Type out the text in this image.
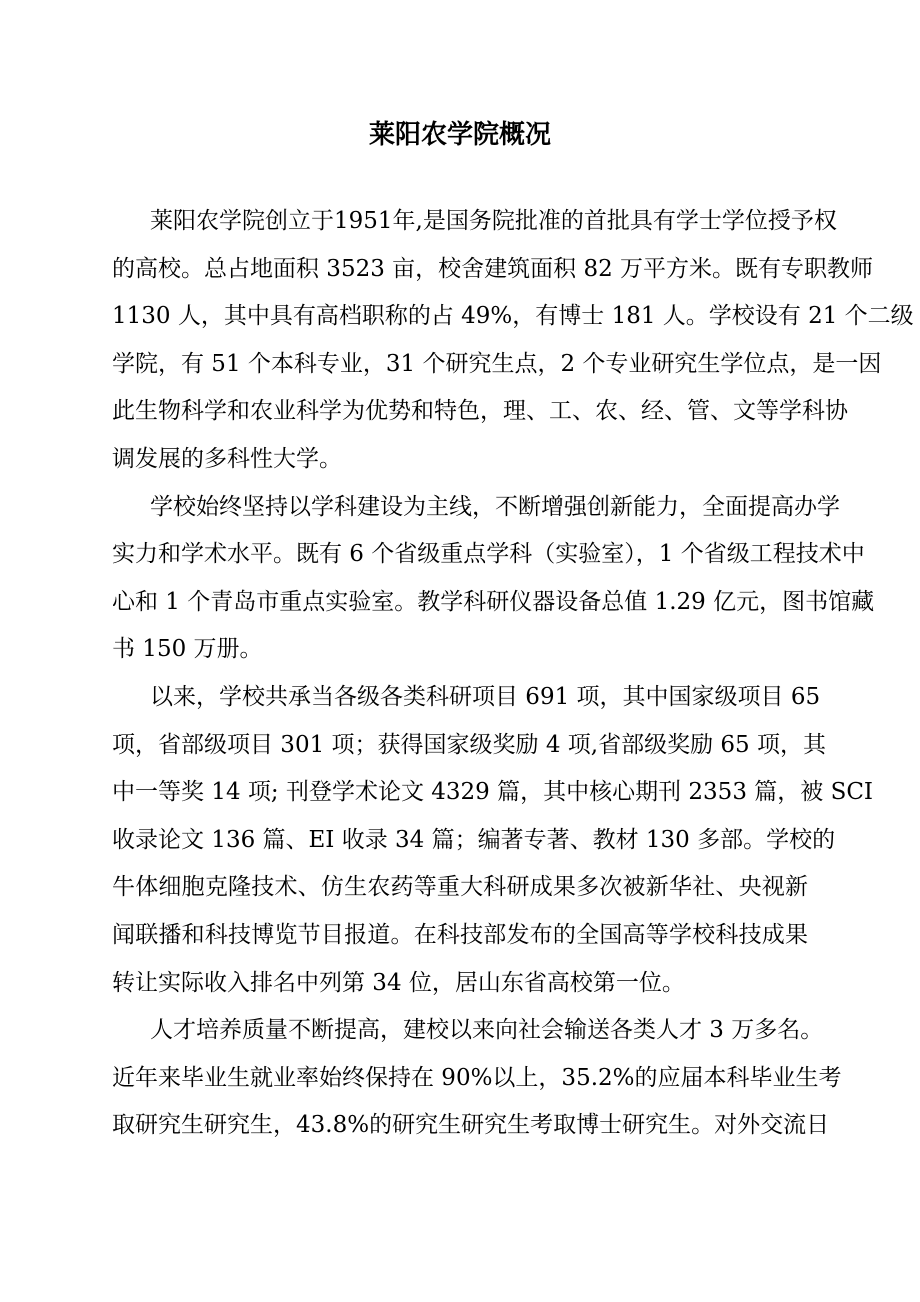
莱阳农学院概况
莱阳农学院创立于1951年,是国务院批准的首批具有学士学位授予权
的高校。总占地面积 3523 亩，校舍建筑面积 82 万平方米。既有专职教师
1130 人，其中具有高档职称的占 49%，有博士 181 人。学校设有 21 个二级
学院，有 51 个本科专业，31 个研究生点，2 个专业研究生学位点，是一因
此生物科学和农业科学为优势和特色，理、工、农、经、管、文等学科协
调发展的多科性大学。
学校始终坚持以学科建设为主线，不断增强创新能力，全面提高办学
实力和学术水平。既有 6 个省级重点学科（实验室），1 个省级工程技术中
心和 1 个青岛市重点实验室。教学科研仪器设备总值 1.29 亿元，图书馆藏
书 150 万册。
以来，学校共承当各级各类科研项目 691 项，其中国家级项目 65
项，省部级项目 301 项；获得国家级奖励 4 项,省部级奖励 65 项，其
中一等奖 14 项; 刊登学术论文 4329 篇，其中核心期刊 2353 篇，被 SCI
收录论文 136 篇、EI 收录 34 篇；编著专著、教材 130 多部。学校的
牛体细胞克隆技术、仿生农药等重大科研成果多次被新华社、央视新
闻联播和科技博览节目报道。在科技部发布的全国高等学校科技成果
转让实际收入排名中列第 34 位，居山东省高校第一位。
人才培养质量不断提高，建校以来向社会输送各类人才 3 万多名。
近年来毕业生就业率始终保持在 90%以上，35.2%的应届本科毕业生考
取研究生研究生，43.8%的研究生研究生考取博士研究生。对外交流日
